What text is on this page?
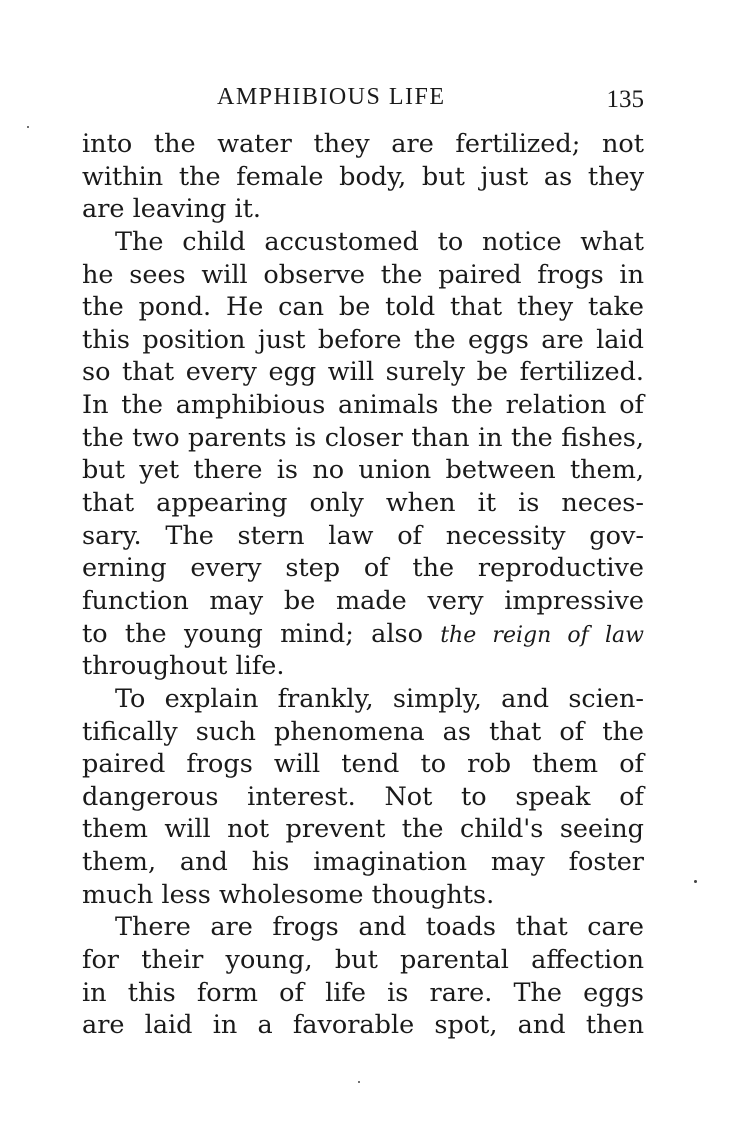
AMPHIBIOUS LIFE	135
into the water they are fertilized; not
within the female body, but just as they
are leaving it.
The child accustomed to notice what
he sees will observe the paired frogs in
the pond. He can be told that they take
this position just before the eggs are laid
so that every egg will surely be fertilized.
In the amphibious animals the relation of
the two parents is closer than in the fishes,
but yet there is no union between them,
that appearing only when it is neces-
sary. The stern law of necessity gov-
erning every step of the reproductive
function may be made very impressive
to the young mind; also the reign of law
throughout life.
To explain frankly, simply, and scien-
tifically such phenomena as that of the
paired frogs will tend to rob them of
dangerous interest. Not to speak of
them will not prevent the child's seeing
them, and his imagination may foster
much less wholesome thoughts.
There are frogs and toads that care
for their young, but parental affection
in this form of life is rare. The eggs
are laid in a favorable spot, and then
